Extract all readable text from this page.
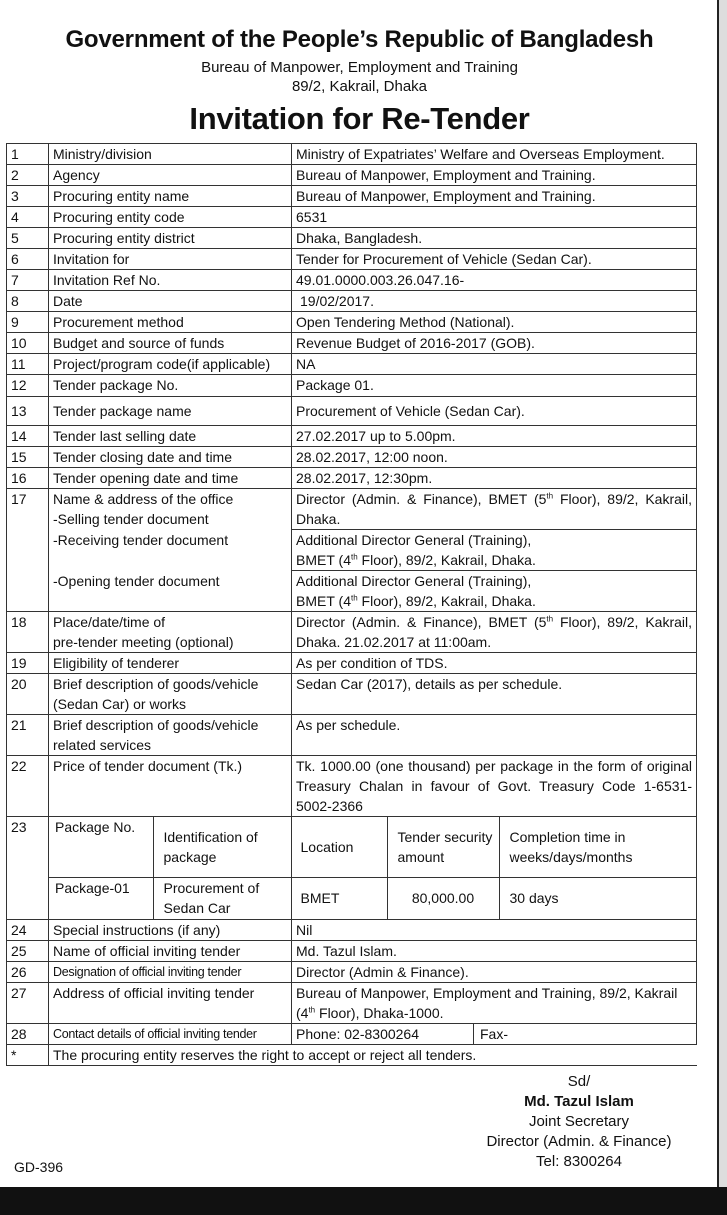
Government of the People’s Republic of Bangladesh
Bureau of Manpower, Employment and Training
89/2, Kakrail, Dhaka
Invitation for Re-Tender
1	Ministry/division	Ministry of Expatriates’ Welfare and Overseas Employment.
2	Agency	Bureau of Manpower, Employment and Training.
3	Procuring entity name	Bureau of Manpower, Employment and Training.
4	Procuring entity code	6531
5	Procuring entity district	Dhaka, Bangladesh.
6	Invitation for	Tender for Procurement of Vehicle (Sedan Car).
7	Invitation Ref No.	49.01.0000.003.26.047.16-
8	Date	19/02/2017.
9	Procurement method	Open Tendering Method (National).
10	Budget and source of funds	Revenue Budget of 2016-2017 (GOB).
11	Project/program code(if applicable)	NA
12	Tender package No.	Package 01.
13	Tender package name	Procurement of Vehicle (Sedan Car).
14	Tender last selling date	27.02.2017 up to 5.00pm.
15	Tender closing date and time	28.02.2017, 12:00 noon.
16	Tender opening date and time	28.02.2017, 12:30pm.
17	Name & address of the office
-Selling tender document
	Director (Admin. & Finance), BMET (5th Floor), 89/2, Kakrail, Dhaka.
-Receiving tender document	Additional Director General (Training),
BMET (4th Floor), 89/2, Kakrail, Dhaka.

-Opening tender document	Additional Director General (Training),
BMET (4th Floor), 89/2, Kakrail, Dhaka.

18	Place/date/time of
pre-tender meeting (optional)
	Director (Admin. & Finance), BMET (5th Floor), 89/2, Kakrail, Dhaka. 21.02.2017 at 11:00am.
19	Eligibility of tenderer	As per condition of TDS.
20	Brief description of goods/vehicle
(Sedan Car) or works
	Sedan Car (2017), details as per schedule.
21	Brief description of goods/vehicle
related services
	As per schedule.
22	Price of tender document (Tk.)	Tk. 1000.00 (one thousand) per package in the form of original Treasury Chalan in favour of Govt. Treasury Code 1-6531-5002-2366
23	Package No.	Identification of package	Location	Tender security amount	Completion time in weeks/days/months
Package-01	Procurement of Sedan Car	BMET	80,000.00	30 days

24	Special instructions (if any)	Nil
25	Name of official inviting tender	Md. Tazul Islam.
26	Designation of official inviting tender	Director (Admin & Finance).
27	Address of official inviting tender	Bureau of Manpower, Employment and Training, 89/2, Kakrail (4th Floor), Dhaka-1000.
28	Contact details of official inviting tender		Phone: 02-8300264	Fax-

*	The procuring entity reserves the right to accept or reject all tenders.
Sd/
Md. Tazul Islam
Joint Secretary
Director (Admin. & Finance)
Tel: 8300264
GD-396
